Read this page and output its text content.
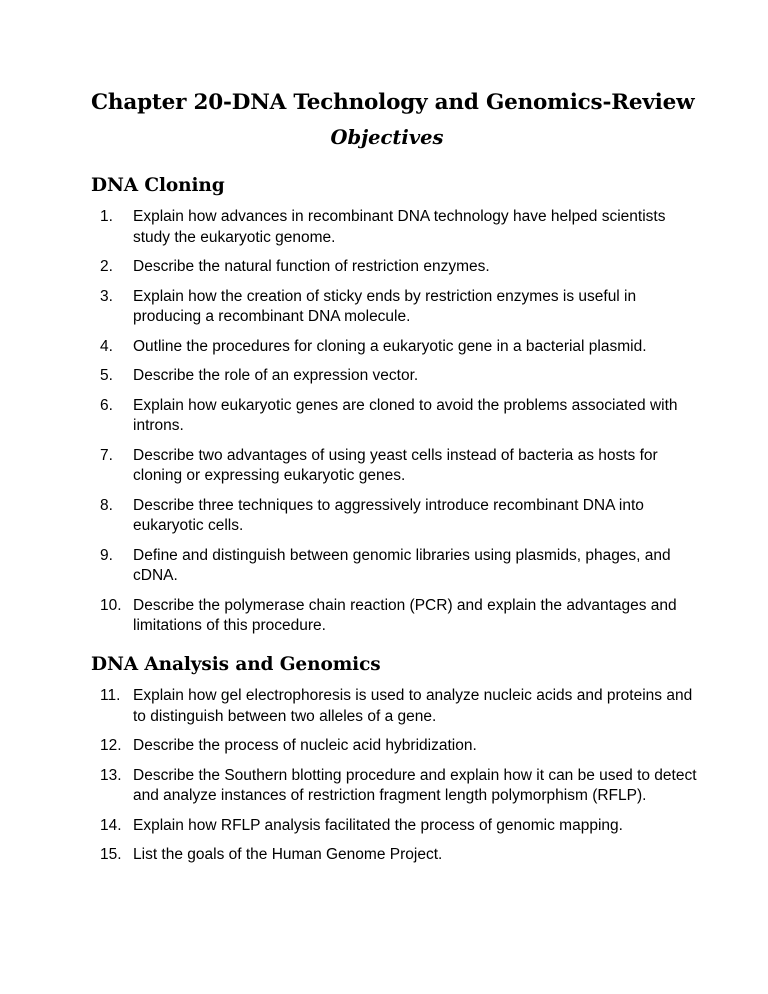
Chapter 20-DNA Technology and Genomics-Review
Objectives
DNA Cloning
1. Explain how advances in recombinant DNA technology have helped scientists study the eukaryotic genome.
2. Describe the natural function of restriction enzymes.
3. Explain how the creation of sticky ends by restriction enzymes is useful in producing a recombinant DNA molecule.
4. Outline the procedures for cloning a eukaryotic gene in a bacterial plasmid.
5. Describe the role of an expression vector.
6. Explain how eukaryotic genes are cloned to avoid the problems associated with introns.
7. Describe two advantages of using yeast cells instead of bacteria as hosts for cloning or expressing eukaryotic genes.
8. Describe three techniques to aggressively introduce recombinant DNA into eukaryotic cells.
9. Define and distinguish between genomic libraries using plasmids, phages, and cDNA.
10. Describe the polymerase chain reaction (PCR) and explain the advantages and limitations of this procedure.
DNA Analysis and Genomics
11. Explain how gel electrophoresis is used to analyze nucleic acids and proteins and to distinguish between two alleles of a gene.
12. Describe the process of nucleic acid hybridization.
13. Describe the Southern blotting procedure and explain how it can be used to detect and analyze instances of restriction fragment length polymorphism (RFLP).
14. Explain how RFLP analysis facilitated the process of genomic mapping.
15. List the goals of the Human Genome Project.
